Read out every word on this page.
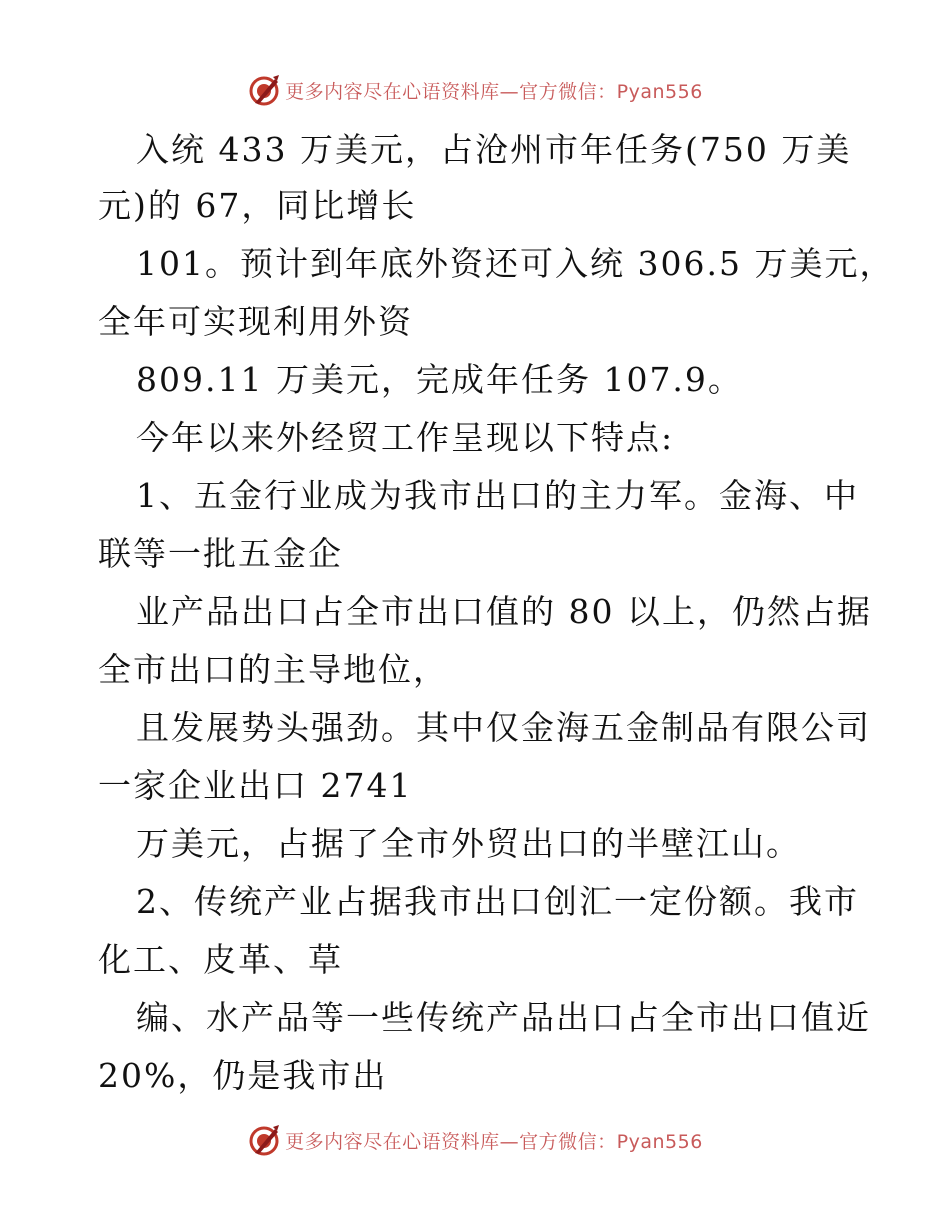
更多内容尽在心语资料库—官方微信：Pyan556
入统 433 万美元，占沧州市年任务(750 万美
元)的 67，同比增长
101。预计到年底外资还可入统 306.5 万美元，
全年可实现利用外资
809.11 万美元，完成年任务 107.9。
今年以来外经贸工作呈现以下特点:
1、五金行业成为我市出口的主力军。金海、中
联等一批五金企
业产品出口占全市出口值的 80 以上，仍然占据
全市出口的主导地位，
且发展势头强劲。其中仅金海五金制品有限公司
一家企业出口 2741
万美元，占据了全市外贸出口的半壁江山。
2、传统产业占据我市出口创汇一定份额。我市
化工、皮革、草
编、水产品等一些传统产品出口占全市出口值近
20%，仍是我市出
更多内容尽在心语资料库—官方微信：Pyan556
